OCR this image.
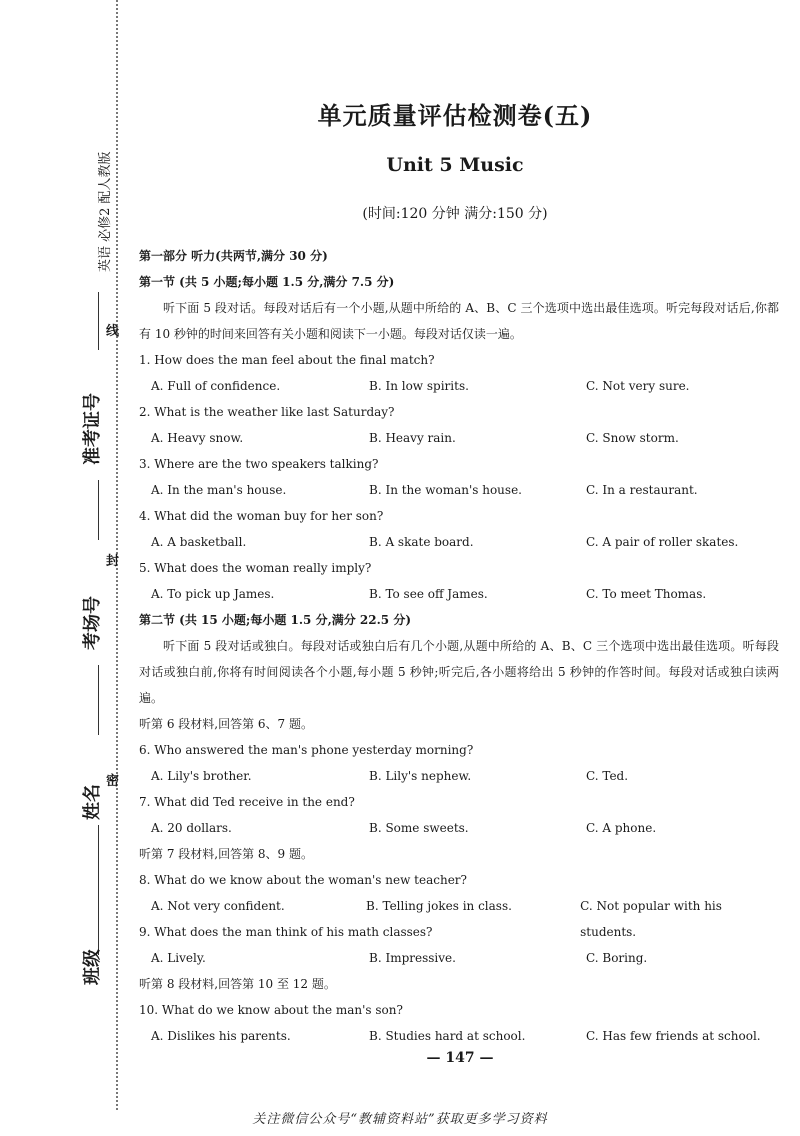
英语 必修2 配人教版
线
准考证号
封
考场号
密
姓名
班级
单元质量评估检测卷(五)
Unit 5 Music
(时间:120 分钟 满分:150 分)
第一部分 听力(共两节,满分 30 分)
第一节 (共 5 小题;每小题 1.5 分,满分 7.5 分)
听下面 5 段对话。每段对话后有一个小题,从题中所给的 A、B、C 三个选项中选出最佳选项。听完每段对话后,你都有 10 秒钟的时间来回答有关小题和阅读下一小题。每段对话仅读一遍。
1. How does the man feel about the final match?
A. Full of confidence.	B. In low spirits.	C. Not very sure.
2. What is the weather like last Saturday?
A. Heavy snow.	B. Heavy rain.	C. Snow storm.
3. Where are the two speakers talking?
A. In the man's house.	B. In the woman's house.	C. In a restaurant.
4. What did the woman buy for her son?
A. A basketball.	B. A skate board.	C. A pair of roller skates.
5. What does the woman really imply?
A. To pick up James.	B. To see off James.	C. To meet Thomas.
第二节 (共 15 小题;每小题 1.5 分,满分 22.5 分)
听下面 5 段对话或独白。每段对话或独白后有几个小题,从题中所给的 A、B、C 三个选项中选出最佳选项。听每段对话或独白前,你将有时间阅读各个小题,每小题 5 秒钟;听完后,各小题将给出 5 秒钟的作答时间。每段对话或独白读两遍。
听第 6 段材料,回答第 6、7 题。
6. Who answered the man's phone yesterday morning?
A. Lily's brother.	B. Lily's nephew.	C. Ted.
7. What did Ted receive in the end?
A. 20 dollars.	B. Some sweets.	C. A phone.
听第 7 段材料,回答第 8、9 题。
8. What do we know about the woman's new teacher?
A. Not very confident.	B. Telling jokes in class.	C. Not popular with his students.
9. What does the man think of his math classes?
A. Lively.	B. Impressive.	C. Boring.
听第 8 段材料,回答第 10 至 12 题。
10. What do we know about the man's son?
A. Dislikes his parents.	B. Studies hard at school.	C. Has few friends at school.
— 147 —
关注微信公众号“教辅资料站”获取更多学习资料
